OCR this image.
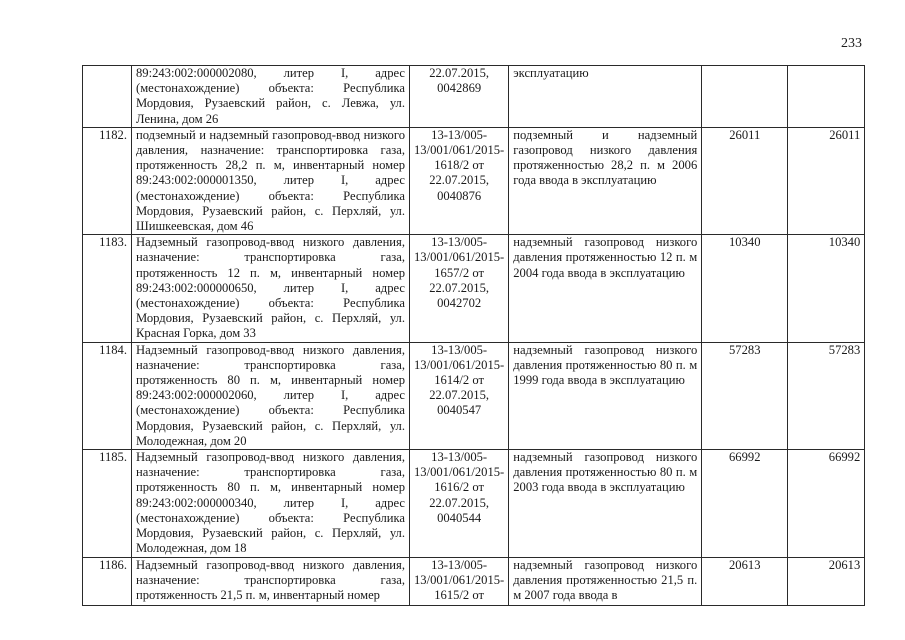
233
	89:243:002:000002080, литер I, адрес (местонахождение) объекта: Республика Мордовия, Рузаевский район, с. Левжа, ул. Ленина, дом 26	22.07.2015, 0042869	эксплуатацию		
1182.	подземный и надземный газопровод-ввод низкого давления, назначение: транспортировка газа, протяженность 28,2 п. м, инвентарный номер 89:243:002:000001350, литер I, адрес (местонахождение) объекта: Республика Мордовия, Рузаевский район, с. Перхляй, ул. Шишкеевская, дом 46	13-13/005-13/001/061/2015-1618/2 от 22.07.2015, 0040876	подземный и надземный газопровод низкого давления протяженностью 28,2 п. м 2006 года ввода в эксплуатацию	26011	26011
1183.	Надземный газопровод-ввод низкого давления, назначение: транспортировка газа, протяженность 12 п. м, инвентарный номер 89:243:002:000000650, литер I, адрес (местонахождение) объекта: Республика Мордовия, Рузаевский район, с. Перхляй, ул. Красная Горка, дом 33	13-13/005-13/001/061/2015-1657/2 от 22.07.2015, 0042702	надземный газопровод низкого давления протяженностью 12 п. м 2004 года ввода в эксплуатацию	10340	10340
1184.	Надземный газопровод-ввод низкого давления, назначение: транспортировка газа, протяженность 80 п. м, инвентарный номер 89:243:002:000002060, литер I, адрес (местонахождение) объекта: Республика Мордовия, Рузаевский район, с. Перхляй, ул. Молодежная, дом 20	13-13/005-13/001/061/2015-1614/2 от 22.07.2015, 0040547	надземный газопровод низкого давления протяженностью 80 п. м 1999 года ввода в эксплуатацию	57283	57283
1185.	Надземный газопровод-ввод низкого давления, назначение: транспортировка газа, протяженность 80 п. м, инвентарный номер 89:243:002:000000340, литер I, адрес (местонахождение) объекта: Республика Мордовия, Рузаевский район, с. Перхляй, ул. Молодежная, дом 18	13-13/005-13/001/061/2015-1616/2 от 22.07.2015, 0040544	надземный газопровод низкого давления протяженностью 80 п. м 2003 года ввода в эксплуатацию	66992	66992

1186.	Надземный газопровод-ввод низкого давления, назначение: транспортировка газа, протяженность 21,5 п. м, инвентарный номер	13-13/005-13/001/061/2015-1615/2 от	надземный газопровод низкого давления протяженностью 21,5 п. м 2007 года ввода в	20613	20613
